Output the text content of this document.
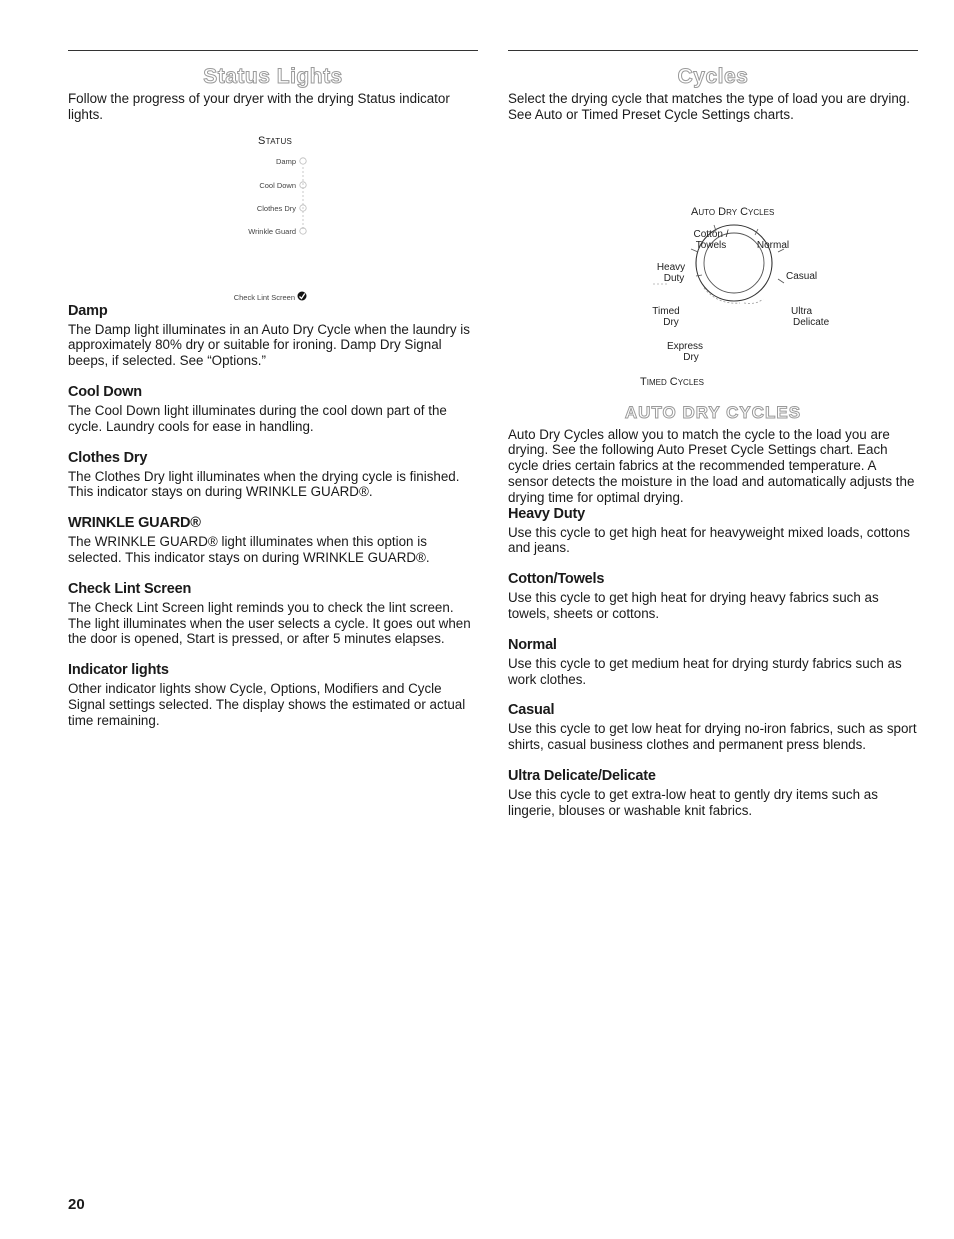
Status Lights

Follow the progress of your dryer with the drying Status indicator lights.

Status
Damp
Cool Down
Clothes Dry
Wrinkle Guard
Check Lint Screen
Damp

The Damp light illuminates in an Auto Dry Cycle when the laundry is approximately 80% dry or suitable for ironing. Damp Dry Signal beeps, if selected. See “Options.”

Cool Down

The Cool Down light illuminates during the cool down part of the cycle. Laundry cools for ease in handling.

Clothes Dry

The Clothes Dry light illuminates when the drying cycle is finished. This indicator stays on during WRINKLE GUARD®.

WRINKLE GUARD®

The WRINKLE GUARD® light illuminates when this option is selected. This indicator stays on during WRINKLE GUARD®.

Check Lint Screen

The Check Lint Screen light reminds you to check the lint screen. The light illuminates when the user selects a cycle. It goes out when the door is opened, Start is pressed, or after 5 minutes elapses.

Indicator lights

Other indicator lights show Cycle, Options, Modifiers and Cycle Signal settings selected. The display shows the estimated or actual time remaining.

Cycles

Select the drying cycle that matches the type of load you are drying. See Auto or Timed Preset Cycle Settings charts.

Auto Dry Cycles
Cotton /
Towels	Normal
Heavy
Duty	Casual
Timed
Dry
Ultra
Delicate
Express
Dry
Timed Cycles
AUTO DRY CYCLES

Auto Dry Cycles allow you to match the cycle to the load you are drying. See the following Auto Preset Cycle Settings chart. Each cycle dries certain fabrics at the recommended temperature. A sensor detects the moisture in the load and automatically adjusts the drying time for optimal drying.

Heavy Duty

Use this cycle to get high heat for heavyweight mixed loads, cottons and jeans.

Cotton/Towels

Use this cycle to get high heat for drying heavy fabrics such as towels, sheets or cottons.

Normal

Use this cycle to get medium heat for drying sturdy fabrics such as work clothes.

Casual

Use this cycle to get low heat for drying no-iron fabrics, such as sport shirts, casual business clothes and permanent press blends.

Ultra Delicate/Delicate

Use this cycle to get extra-low heat to gently dry items such as lingerie, blouses or washable knit fabrics.

20
